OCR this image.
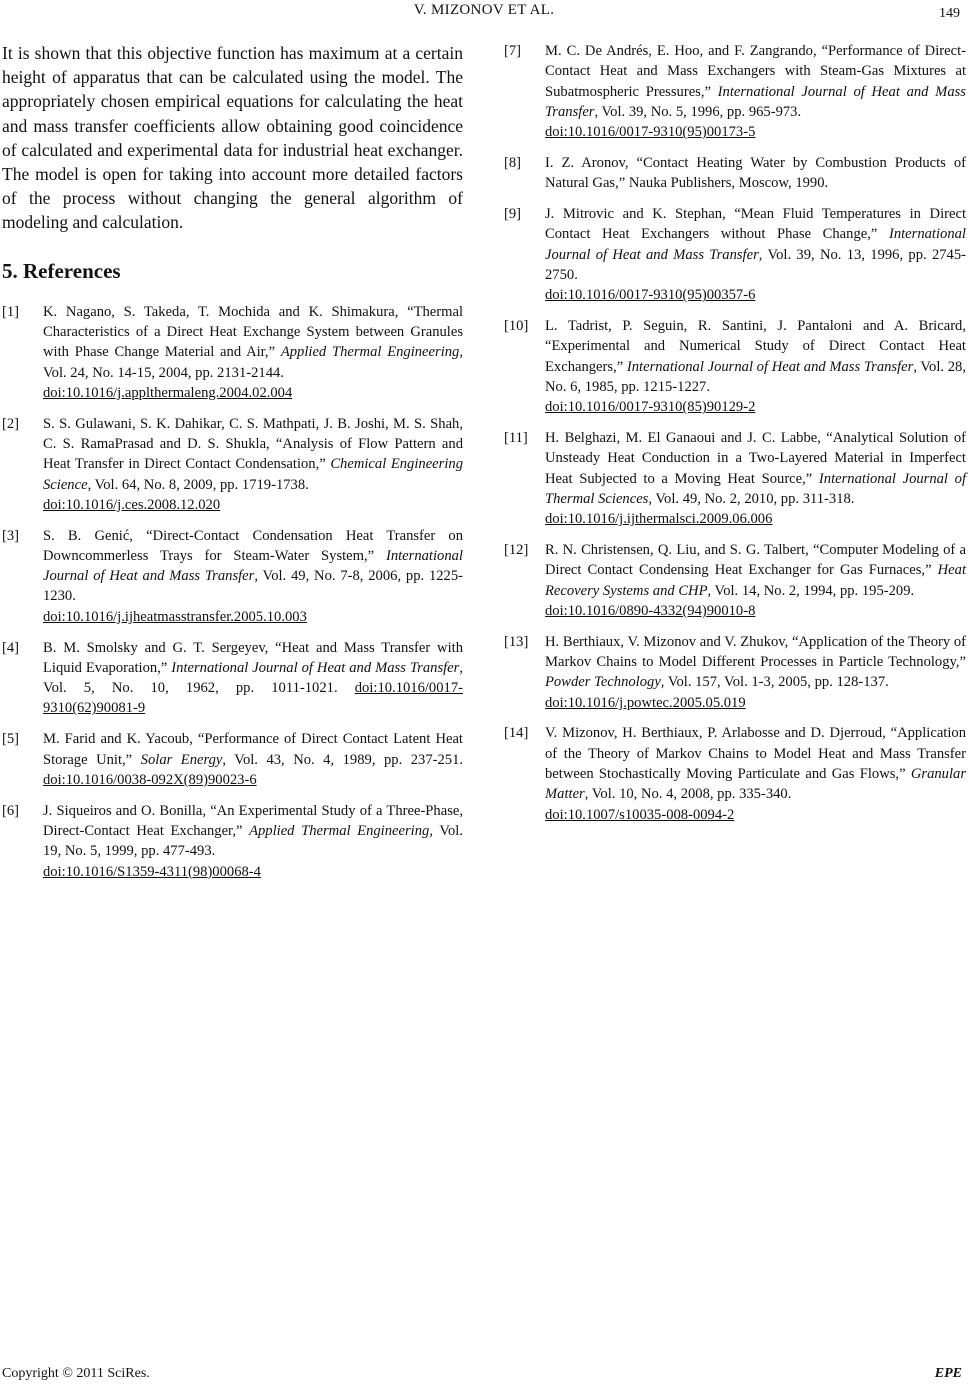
V. MIZONOV ET AL.	149

It is shown that this objective function has maximum at a certain height of apparatus that can be calculated using the model. The appropriately chosen empirical equations for calculating the heat and mass transfer coefficients allow obtaining good coincidence of calculated and experimental data for industrial heat exchanger. The model is open for taking into account more detailed factors of the process without changing the general algorithm of modeling and calculation.

5. References
[1]	K. Nagano, S. Takeda, T. Mochida and K. Shimakura, “Thermal Characteristics of a Direct Heat Exchange System between Granules with Phase Change Material and Air,” Applied Thermal Engineering, Vol. 24, No. 14-15, 2004, pp. 2131-2144.
doi:10.1016/j.applthermaleng.2004.02.004
[2]	S. S. Gulawani, S. K. Dahikar, C. S. Mathpati, J. B. Joshi, M. S. Shah, C. S. RamaPrasad and D. S. Shukla, “Analysis of Flow Pattern and Heat Transfer in Direct Contact Condensation,” Chemical Engineering Science, Vol. 64, No. 8, 2009, pp. 1719-1738.
doi:10.1016/j.ces.2008.12.020
[3]	S. B. Genić, “Direct-Contact Condensation Heat Transfer on Downcommerless Trays for Steam-Water System,” International Journal of Heat and Mass Transfer, Vol. 49, No. 7-8, 2006, pp. 1225-1230.
doi:10.1016/j.ijheatmasstransfer.2005.10.003
[4]	B. M. Smolsky and G. T. Sergeyev, “Heat and Mass Transfer with Liquid Evaporation,” International Journal of Heat and Mass Transfer, Vol. 5, No. 10, 1962, pp. 1011-1021. doi:10.1016/0017-9310(62)90081-9
[5]	M. Farid and K. Yacoub, “Performance of Direct Contact Latent Heat Storage Unit,” Solar Energy, Vol. 43, No. 4, 1989, pp. 237-251. doi:10.1016/0038-092X(89)90023-6
[6]	J. Siqueiros and O. Bonilla, “An Experimental Study of a Three-Phase, Direct-Contact Heat Exchanger,” Applied Thermal Engineering, Vol. 19, No. 5, 1999, pp. 477-493.
doi:10.1016/S1359-4311(98)00068-4
[7]	M. C. De Andrés, E. Hoo, and F. Zangrando, “Performance of Direct-Contact Heat and Mass Exchangers with Steam-Gas Mixtures at Subatmospheric Pressures,” International Journal of Heat and Mass Transfer, Vol. 39, No. 5, 1996, pp. 965-973.
doi:10.1016/0017-9310(95)00173-5
[8]	I. Z. Aronov, “Contact Heating Water by Combustion Products of Natural Gas,” Nauka Publishers, Moscow, 1990.
[9]	J. Mitrovic and K. Stephan, “Mean Fluid Temperatures in Direct Contact Heat Exchangers without Phase Change,” International Journal of Heat and Mass Transfer, Vol. 39, No. 13, 1996, pp. 2745-2750.
doi:10.1016/0017-9310(95)00357-6
[10]	L. Tadrist, P. Seguin, R. Santini, J. Pantaloni and A. Bricard, “Experimental and Numerical Study of Direct Contact Heat Exchangers,” International Journal of Heat and Mass Transfer, Vol. 28, No. 6, 1985, pp. 1215-1227.
doi:10.1016/0017-9310(85)90129-2
[11]	H. Belghazi, M. El Ganaoui and J. C. Labbe, “Analytical Solution of Unsteady Heat Conduction in a Two-Layered Material in Imperfect Heat Subjected to a Moving Heat Source,” International Journal of Thermal Sciences, Vol. 49, No. 2, 2010, pp. 311-318.
doi:10.1016/j.ijthermalsci.2009.06.006
[12]	R. N. Christensen, Q. Liu, and S. G. Talbert, “Computer Modeling of a Direct Contact Condensing Heat Exchanger for Gas Furnaces,” Heat Recovery Systems and CHP, Vol. 14, No. 2, 1994, pp. 195-209.
doi:10.1016/0890-4332(94)90010-8
[13]	H. Berthiaux, V. Mizonov and V. Zhukov, “Application of the Theory of Markov Chains to Model Different Processes in Particle Technology,” Powder Technology, Vol. 157, Vol. 1-3, 2005, pp. 128-137.
doi:10.1016/j.powtec.2005.05.019
[14]	V. Mizonov, H. Berthiaux, P. Arlabosse and D. Djerroud, “Application of the Theory of Markov Chains to Model Heat and Mass Transfer between Stochastically Moving Particulate and Gas Flows,” Granular Matter, Vol. 10, No. 4, 2008, pp. 335-340.
doi:10.1007/s10035-008-0094-2
Copyright © 2011 SciRes.	EPE
